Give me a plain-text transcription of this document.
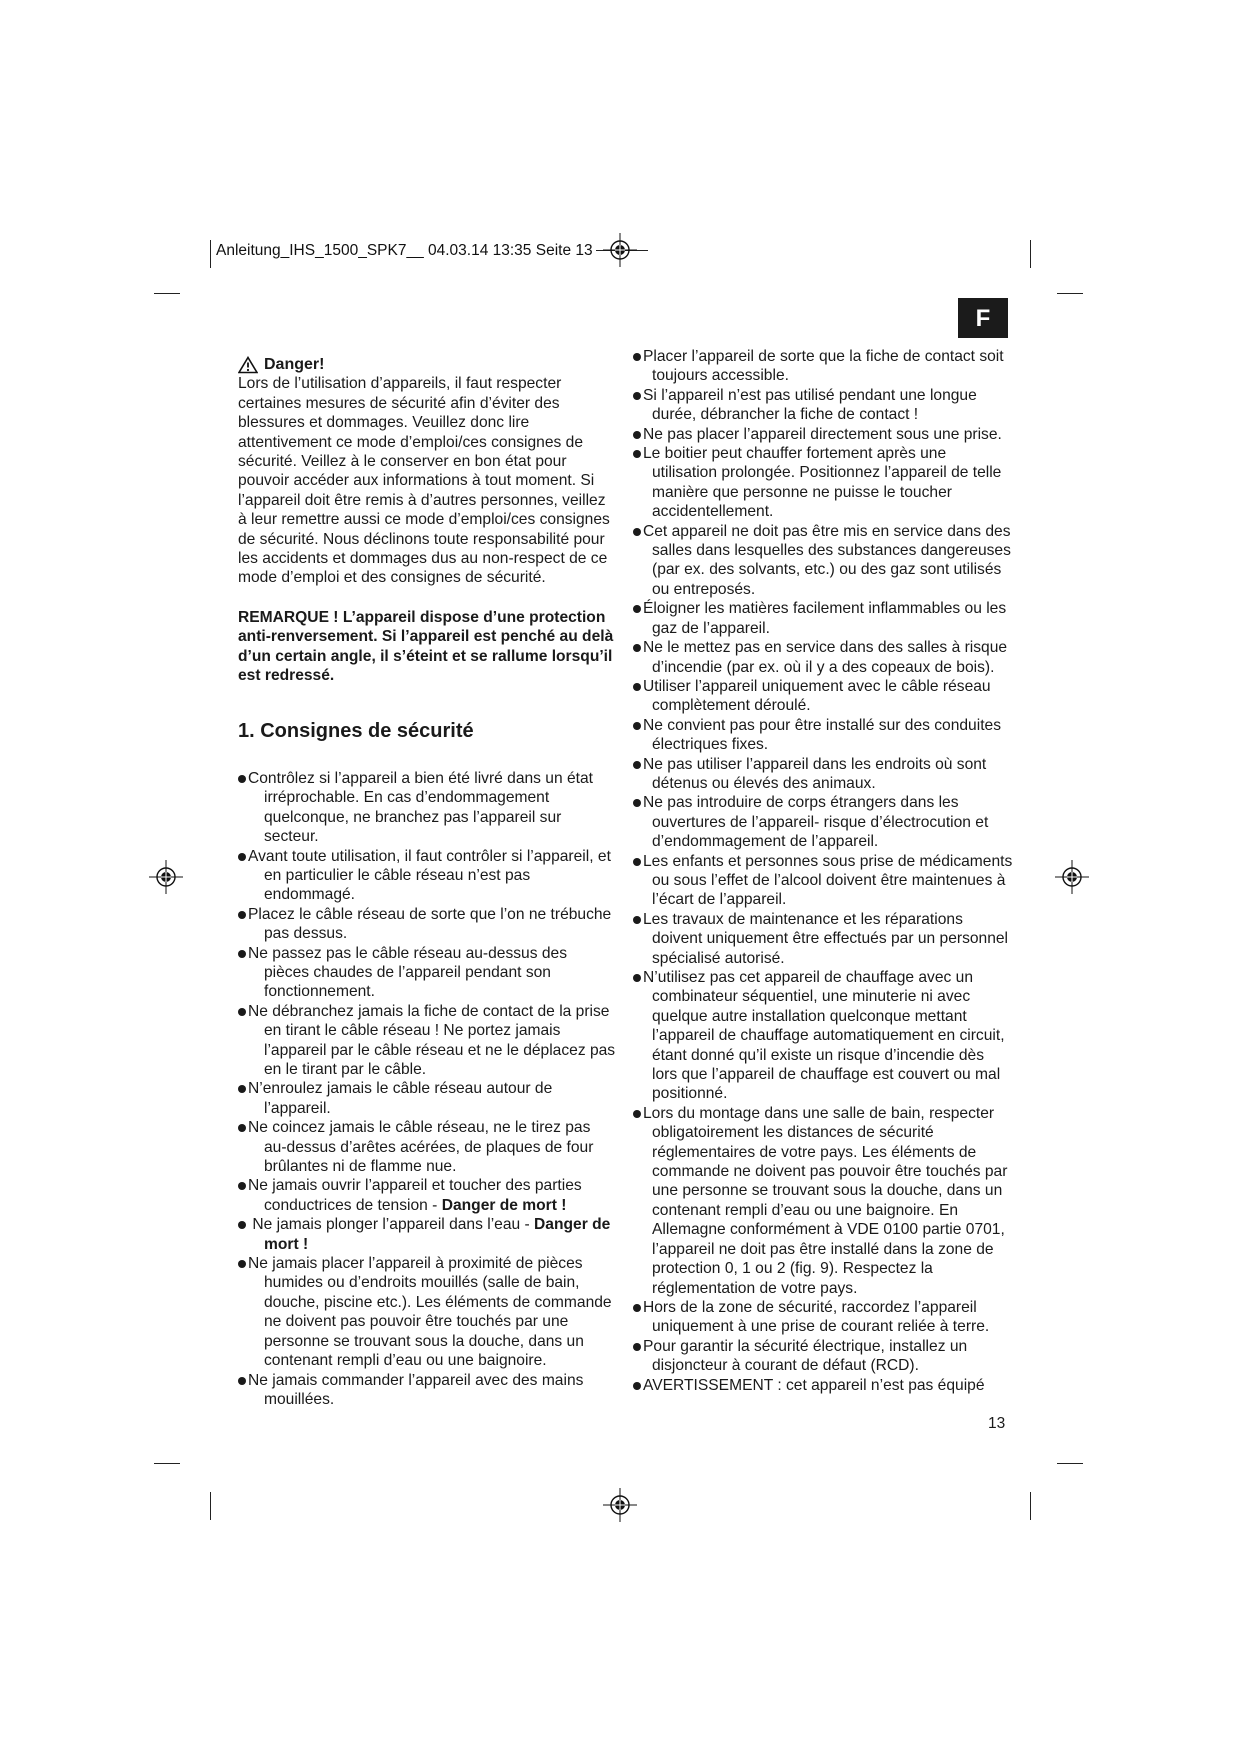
Anleitung_IHS_1500_SPK7__ 04.03.14 13:35 Seite 13
F
Danger!

Lors de l’utilisation d’appareils, il faut respecter certaines mesures de sécurité afin d’éviter des blessures et dommages. Veuillez donc lire attentivement ce mode d’emploi/ces consignes de sécurité. Veillez à le conserver en bon état pour pouvoir accéder aux informations à tout moment. Si l’appareil doit être remis à d’autres personnes, veillez à leur remettre aussi ce mode d’emploi/ces consignes de sécurité. Nous déclinons toute responsabilité pour les accidents et dommages dus au non-respect de ce mode d’emploi et des consignes de sécurité.

REMARQUE ! L’appareil dispose d’une protection anti-renversement. Si l’appareil est penché au delà d’un certain angle, il s’éteint et se rallume lorsqu’il est redressé.

1. Consignes de sécurité
Contrôlez si l’appareil a bien été livré dans un état irréprochable. En cas d’endommagement quelconque, ne branchez pas l’appareil sur secteur.
Avant toute utilisation, il faut contrôler si l’appareil, et en particulier le câble réseau n’est pas endommagé.
Placez le câble réseau de sorte que l’on ne trébuche pas dessus.
Ne passez pas le câble réseau au-dessus des pièces chaudes de l’appareil pendant son fonctionnement.
Ne débranchez jamais la fiche de contact de la prise en tirant le câble réseau ! Ne portez jamais l’appareil par le câble réseau et ne le déplacez pas en le tirant par le câble.
N’enroulez jamais le câble réseau autour de l’appareil.
Ne coincez jamais le câble réseau, ne le tirez pas au-dessus d’arêtes acérées, de plaques de four brûlantes ni de flamme nue.
Ne jamais ouvrir l’appareil et toucher des parties conductrices de tension - Danger de mort !
Ne jamais plonger l’appareil dans l’eau - Danger de mort !
Ne jamais placer l’appareil à proximité de pièces humides ou d’endroits mouillés (salle de bain, douche, piscine etc.). Les éléments de commande ne doivent pas pouvoir être touchés par une personne se trouvant sous la douche, dans un contenant rempli d’eau ou une baignoire.
Ne jamais commander l’appareil avec des mains mouillées.
Placer l’appareil de sorte que la fiche de contact soit toujours accessible.
Si l’appareil n’est pas utilisé pendant une longue durée, débrancher la fiche de contact !
Ne pas placer l’appareil directement sous une prise.
Le boitier peut chauffer fortement après une utilisation prolongée. Positionnez l’appareil de telle manière que personne ne puisse le toucher accidentellement.
Cet appareil ne doit pas être mis en service dans des salles dans lesquelles des substances dangereuses (par ex. des solvants, etc.) ou des gaz sont utilisés ou entreposés.
Éloigner les matières facilement inflammables ou les gaz de l’appareil.
Ne le mettez pas en service dans des salles à risque d’incendie (par ex. où il y a des copeaux de bois).
Utiliser l’appareil uniquement avec le câble réseau complètement déroulé.
Ne convient pas pour être installé sur des conduites électriques fixes.
Ne pas utiliser l’appareil dans les endroits où sont détenus ou élevés des animaux.
Ne pas introduire de corps étrangers dans les ouvertures de l’appareil- risque d’électrocution et d’endommagement de l’appareil.
Les enfants et personnes sous prise de médicaments ou sous l’effet de l’alcool doivent être maintenues à l’écart de l’appareil.
Les travaux de maintenance et les réparations doivent uniquement être effectués par un personnel spécialisé autorisé.
N’utilisez pas cet appareil de chauffage avec un combinateur séquentiel, une minuterie ni avec quelque autre installation quelconque mettant l’appareil de chauffage automatiquement en circuit, étant donné qu’il existe un risque d’incendie dès lors que l’appareil de chauffage est couvert ou mal positionné.
Lors du montage dans une salle de bain, respecter obligatoirement les distances de sécurité réglementaires de votre pays. Les éléments de commande ne doivent pas pouvoir être touchés par une personne se trouvant sous la douche, dans un contenant rempli d’eau ou une baignoire. En Allemagne conformément à VDE 0100 partie 0701, l’appareil ne doit pas être installé dans la zone de protection 0, 1 ou 2 (fig. 9). Respectez la réglementation de votre pays.
Hors de la zone de sécurité, raccordez l’appareil uniquement à une prise de courant reliée à terre.
Pour garantir la sécurité électrique, installez un disjoncteur à courant de défaut (RCD).
AVERTISSEMENT : cet appareil n’est pas équipé
13
